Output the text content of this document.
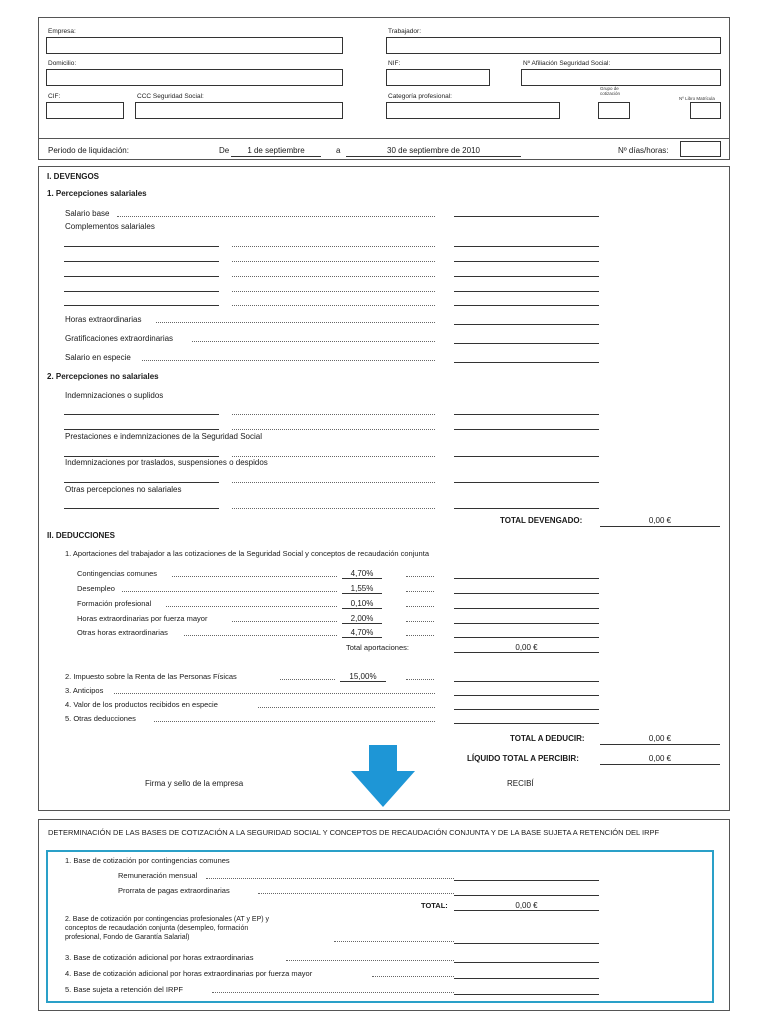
Empresa:	Trabajador:
Domicilio:	NIF:	Nº Afiliación Seguridad Social:
CIF:	CCC Seguridad Social:	Categoría profesional:
Grupo de
cotización
Nº Libro Matrícula
Periodo de liquidación:	De	1 de septiembre	a	30 de septiembre de 2010	Nº días/horas:
I. DEVENGOS
1. Percepciones salariales
Salario base
Complementos salariales
Horas extraordinarias
Gratificaciones extraordinarias
Salario en especie
2. Percepciones no salariales
Indemnizaciones o suplidos
Prestaciones e indemnizaciones de la Seguridad Social
Indemnizaciones por traslados, suspensiones o despidos
Otras percepciones no salariales
TOTAL DEVENGADO:	0,00 €
II. DEDUCCIONES
1. Aportaciones del trabajador a las cotizaciones de la Seguridad Social y conceptos de recaudación conjunta
Contingencias comunes	4,70%
Desempleo	1,55%
Formación profesional	0,10%
Horas extraordinarias por fuerza mayor	2,00%
Otras horas extraordinarias	4,70%
Total aportaciones:	0,00 €
2. Impuesto sobre la Renta de las Personas Físicas	15,00%
3. Anticipos
4. Valor de los productos recibidos en especie
5. Otras deducciones
TOTAL A DEDUCIR:	0,00 €
LÍQUIDO TOTAL A PERCIBIR:	0,00 €
Firma y sello de la empresa	RECIBÍ
DETERMINACIÓN DE LAS BASES DE COTIZACIÓN A LA SEGURIDAD SOCIAL Y CONCEPTOS DE RECAUDACIÓN CONJUNTA Y DE LA BASE SUJETA A RETENCIÓN DEL IRPF
1. Base de cotización por contingencias comunes
Remuneración mensual
Prorrata de pagas extraordinarias
TOTAL:	0,00 €
2. Base de cotización por contingencias profesionales (AT y EP) y
conceptos de recaudación conjunta (desempleo, formación
profesional, Fondo de Garantía Salarial)
3. Base de cotización adicional por horas extraordinarias
4. Base de cotización adicional por horas extraordinarias por fuerza mayor
5. Base sujeta a retención del IRPF
